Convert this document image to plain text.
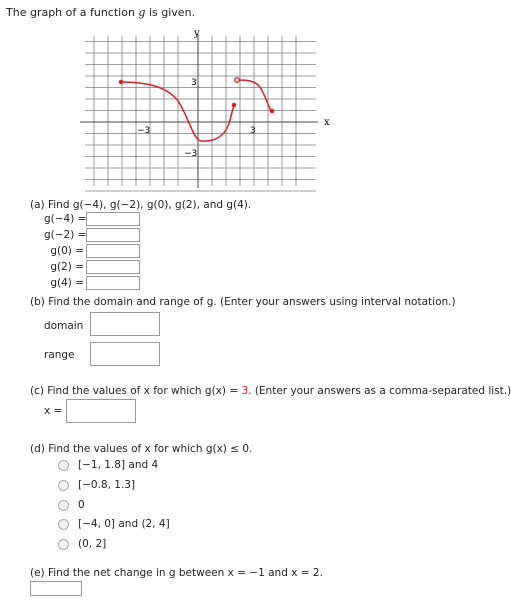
The graph of a function g is given.
x
y
−3	3
3
−3
(a) Find g(−4), g(−2), g(0), g(2), and g(4).
g(−4) =
g(−2) =
g(0) =
g(2) =
g(4) =
(b) Find the domain and range of g. (Enter your answers using interval notation.)
domain
range
(c) Find the values of x for which g(x) = 3. (Enter your answers as a comma-separated list.)
x =
(d) Find the values of x for which g(x) ≤ 0.
[−1, 1.8] and 4
[−0.8, 1.3]
0
[−4, 0] and (2, 4]
(0, 2]
(e) Find the net change in g between x = −1 and x = 2.
